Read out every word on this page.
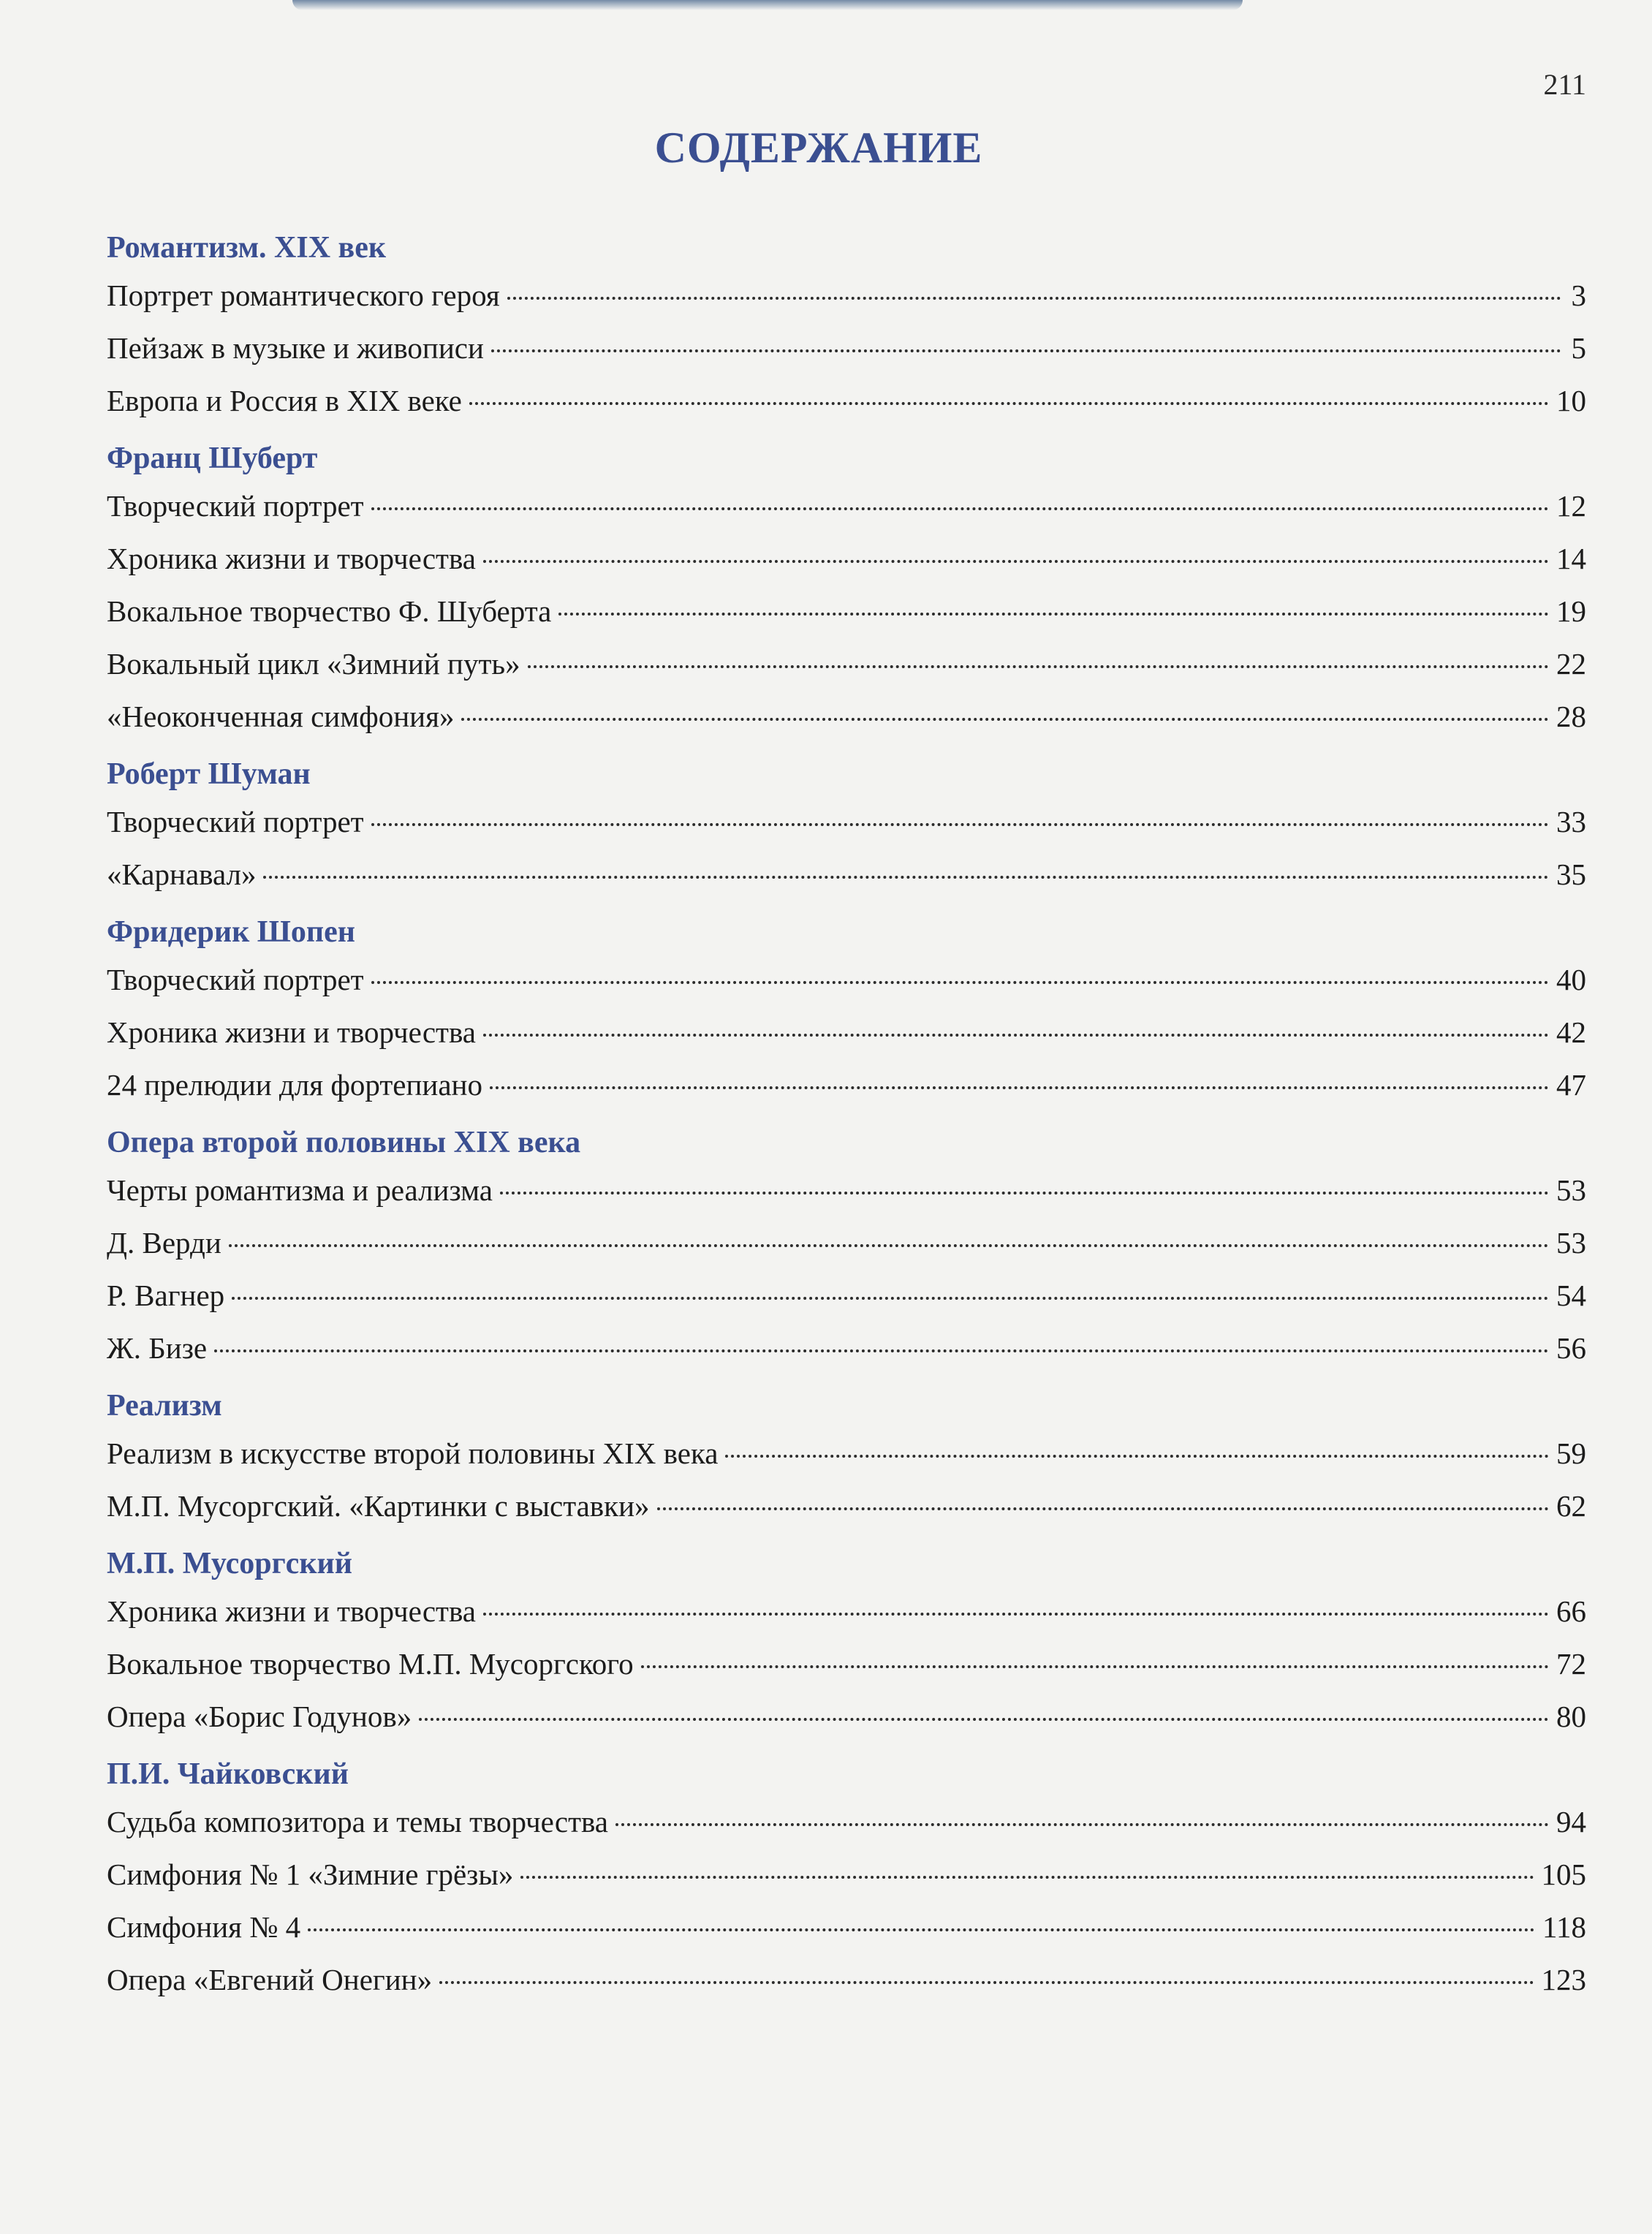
211
СОДЕРЖАНИЕ
Романтизм. XIX век
Портрет романтического героя	3
Пейзаж в музыке и живописи	5
Европа и Россия в XIX веке	10
Франц Шуберт
Творческий портрет	12
Хроника жизни и творчества	14
Вокальное творчество Ф. Шуберта	19
Вокальный цикл «Зимний путь»	22
«Неоконченная симфония»	28
Роберт Шуман
Творческий портрет	33
«Карнавал»	35
Фридерик Шопен
Творческий портрет	40
Хроника жизни и творчества	42
24 прелюдии для фортепиано	47
Опера второй половины XIX века
Черты романтизма и реализма	53
Д. Верди	53
Р. Вагнер	54
Ж. Бизе	56
Реализм
Реализм в искусстве второй половины XIX века	59
М.П. Мусоргский. «Картинки с выставки»	62
М.П. Мусоргский
Хроника жизни и творчества	66
Вокальное творчество М.П. Мусоргского	72
Опера «Борис Годунов»	80
П.И. Чайковский
Судьба композитора и темы творчества	94
Симфония № 1 «Зимние грёзы»	105
Симфония № 4	118
Опера «Евгений Онегин»	123
